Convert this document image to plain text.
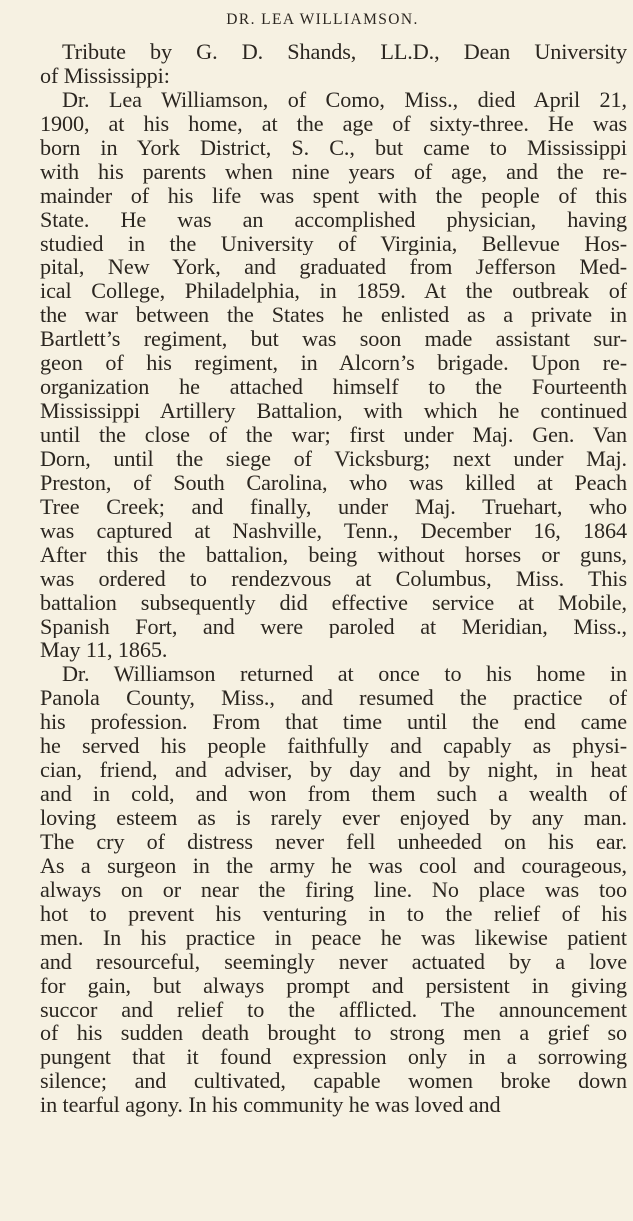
DR. LEA WILLIAMSON.
Tribute by G. D. Shands, LL.D., Dean University
of Mississippi:
Dr. Lea Williamson, of Como, Miss., died April 21,
1900, at his home, at the age of sixty-three. He was
born in York District, S. C., but came to Mississippi
with his parents when nine years of age, and the re-
mainder of his life was spent with the people of this
State. He was an accomplished physician, having
studied in the University of Virginia, Bellevue Hos-
pital, New York, and graduated from Jefferson Med-
ical College, Philadelphia, in 1859. At the outbreak of
the war between the States he enlisted as a private in
Bartlett’s regiment, but was soon made assistant sur-
geon of his regiment, in Alcorn’s brigade. Upon re-
organization he attached himself to the Fourteenth
Mississippi Artillery Battalion, with which he continued
until the close of the war; first under Maj. Gen. Van
Dorn, until the siege of Vicksburg; next under Maj.
Preston, of South Carolina, who was killed at Peach
Tree Creek; and finally, under Maj. Truehart, who
was captured at Nashville, Tenn., December 16, 1864
After this the battalion, being without horses or guns,
was ordered to rendezvous at Columbus, Miss. This
battalion subsequently did effective service at Mobile,
Spanish Fort, and were paroled at Meridian, Miss.,
May 11, 1865.
Dr. Williamson returned at once to his home in
Panola County, Miss., and resumed the practice of
his profession. From that time until the end came
he served his people faithfully and capably as physi-
cian, friend, and adviser, by day and by night, in heat
and in cold, and won from them such a wealth of
loving esteem as is rarely ever enjoyed by any man.
The cry of distress never fell unheeded on his ear.
As a surgeon in the army he was cool and courageous,
always on or near the firing line. No place was too
hot to prevent his venturing in to the relief of his
men. In his practice in peace he was likewise patient
and resourceful, seemingly never actuated by a love
for gain, but always prompt and persistent in giving
succor and relief to the afflicted. The announcement
of his sudden death brought to strong men a grief so
pungent that it found expression only in a sorrowing
silence; and cultivated, capable women broke down
in tearful agony. In his community he was loved and
